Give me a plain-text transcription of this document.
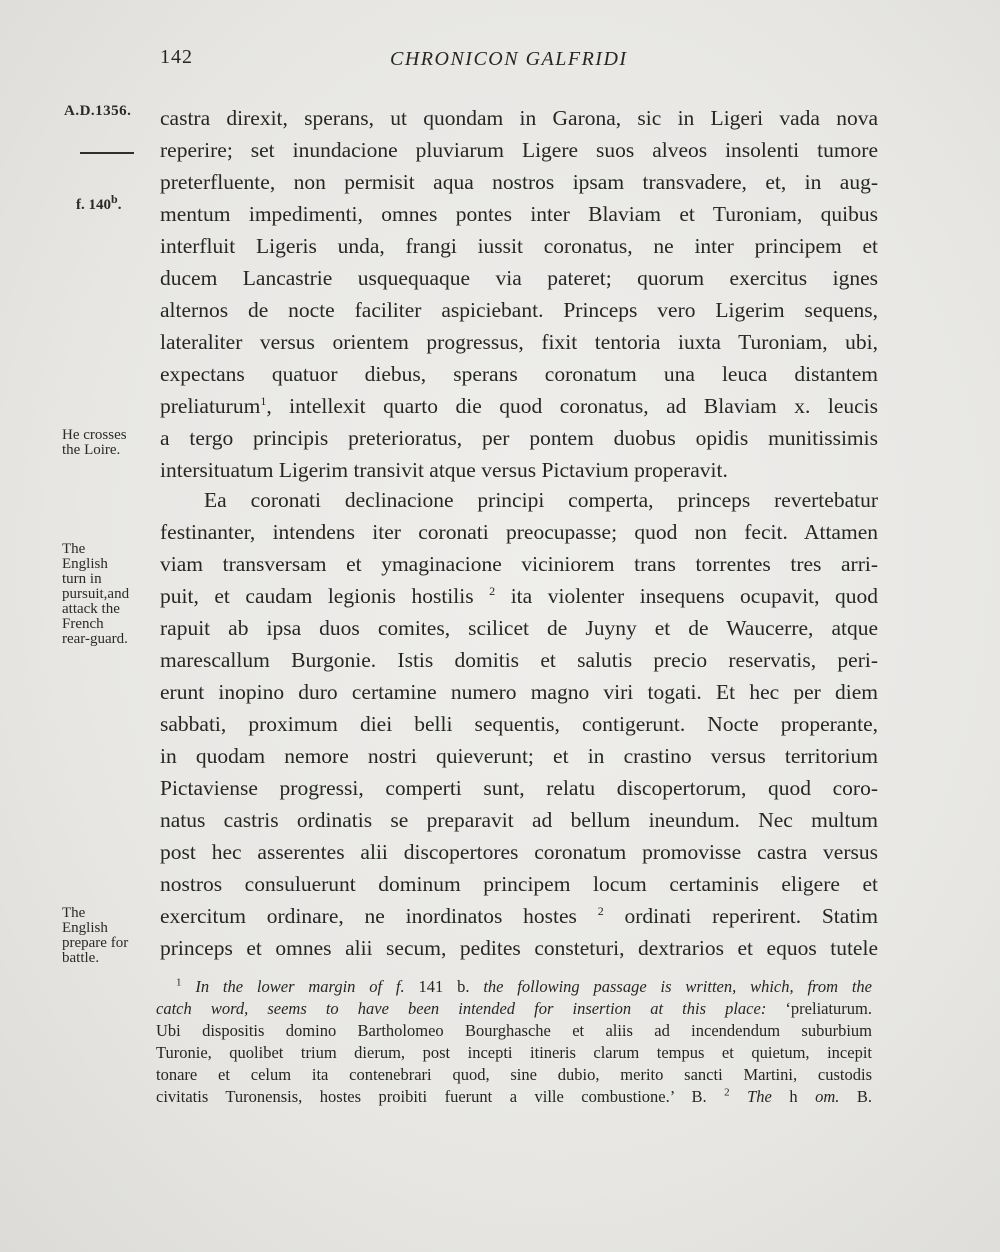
142	CHRONICON GALFRIDI
A.D.1356.
f. 140$^b$.
He crosses
the Loire.
The
English
turn in
pursuit,and
attack the
French
rear-guard.
The
English
prepare for
battle.
castra direxit, sperans, ut quondam in Garona, sic in Ligeri vada nova
reperire; set inundacione pluviarum Ligere suos alveos insolenti tumore
preterfluente, non permisit aqua nostros ipsam transvadere, et, in aug-
mentum impedimenti, omnes pontes inter Blaviam et Turoniam, quibus
interfluit Ligeris unda, frangi iussit coronatus, ne inter principem et
ducem Lancastrie usquequaque via pateret; quorum exercitus ignes
alternos de nocte faciliter aspiciebant. Princeps vero Ligerim sequens,
lateraliter versus orientem progressus, fixit tentoria iuxta Turoniam, ubi,
expectans quatuor diebus, sperans coronatum una leuca distantem
preliaturum$^1$, intellexit quarto die quod coronatus, ad Blaviam x. leucis
a tergo principis preterioratus, per pontem duobus opidis munitissimis
intersituatum Ligerim transivit atque versus Pictavium properavit.
Ea coronati declinacione principi comperta, princeps revertebatur
festinanter, intendens iter coronati preocupasse; quod non fecit. Attamen
viam transversam et ymaginacione viciniorem trans torrentes tres arri-
puit, et caudam legionis hostilis $^2$ ita violenter insequens ocupavit, quod
rapuit ab ipsa duos comites, scilicet de Juyny et de Waucerre, atque
marescallum Burgonie. Istis domitis et salutis precio reservatis, peri-
erunt inopino duro certamine numero magno viri togati. Et hec per diem
sabbati, proximum diei belli sequentis, contigerunt. Nocte properante,
in quodam nemore nostri quieverunt; et in crastino versus territorium
Pictaviense progressi, comperti sunt, relatu discopertorum, quod coro-
natus castris ordinatis se preparavit ad bellum ineundum. Nec multum
post hec asserentes alii discopertores coronatum promovisse castra versus
nostros consuluerunt dominum principem locum certaminis eligere et
exercitum ordinare, ne inordinatos hostes $^2$ ordinati reperirent. Statim
princeps et omnes alii secum, pedites consteturi, dextrarios et equos tutele
$^1$ In the lower margin of f. 141 b. the following passage is written, which, from the
catch word, seems to have been intended for insertion at this place: ‘preliaturum.
Ubi dispositis domino Bartholomeo Bourghasche et aliis ad incendendum suburbium
Turonie, quolibet trium dierum, post incepti itineris clarum tempus et quietum, incepit
tonare et celum ita contenebrari quod, sine dubio, merito sancti Martini, custodis
civitatis Turonensis, hostes proibiti fuerunt a ville combustione.’ B. $^2$ The h om. B.
